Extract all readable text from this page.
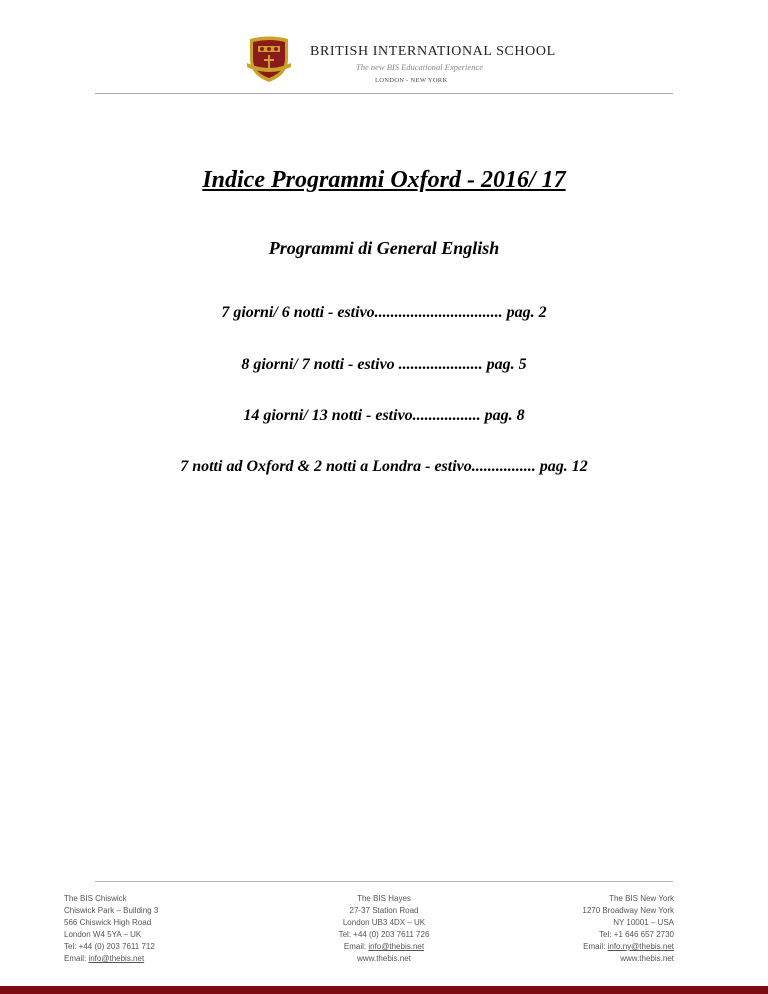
BRITISH INTERNATIONAL SCHOOL
The new BIS Educational Experience
LONDON - NEW YORK
Indice Programmi Oxford - 2016/ 17
Programmi di General English
7 giorni/ 6 notti - estivo................................ pag. 2
8 giorni/ 7 notti - estivo ..................... pag. 5
14 giorni/ 13 notti - estivo................. pag. 8
7 notti ad Oxford & 2 notti a Londra - estivo................ pag. 12
The BIS Chiswick
Chiswick Park – Building 3
566 Chiswick High Road
London W4 5YA – UK
Tel: +44 (0) 203 7611 712
Email: info@thebis.net
The BIS Hayes
27-37 Station Road
London UB3 4DX – UK
Tel: +44 (0) 203 7611 726
Email: info@thebis.net
www.thebis.net
The BIS New York
1270 Broadway New York
NY 10001 – USA
Tel: +1 646 657 2730
Email: info.ny@thebis.net
www.thebis.net
